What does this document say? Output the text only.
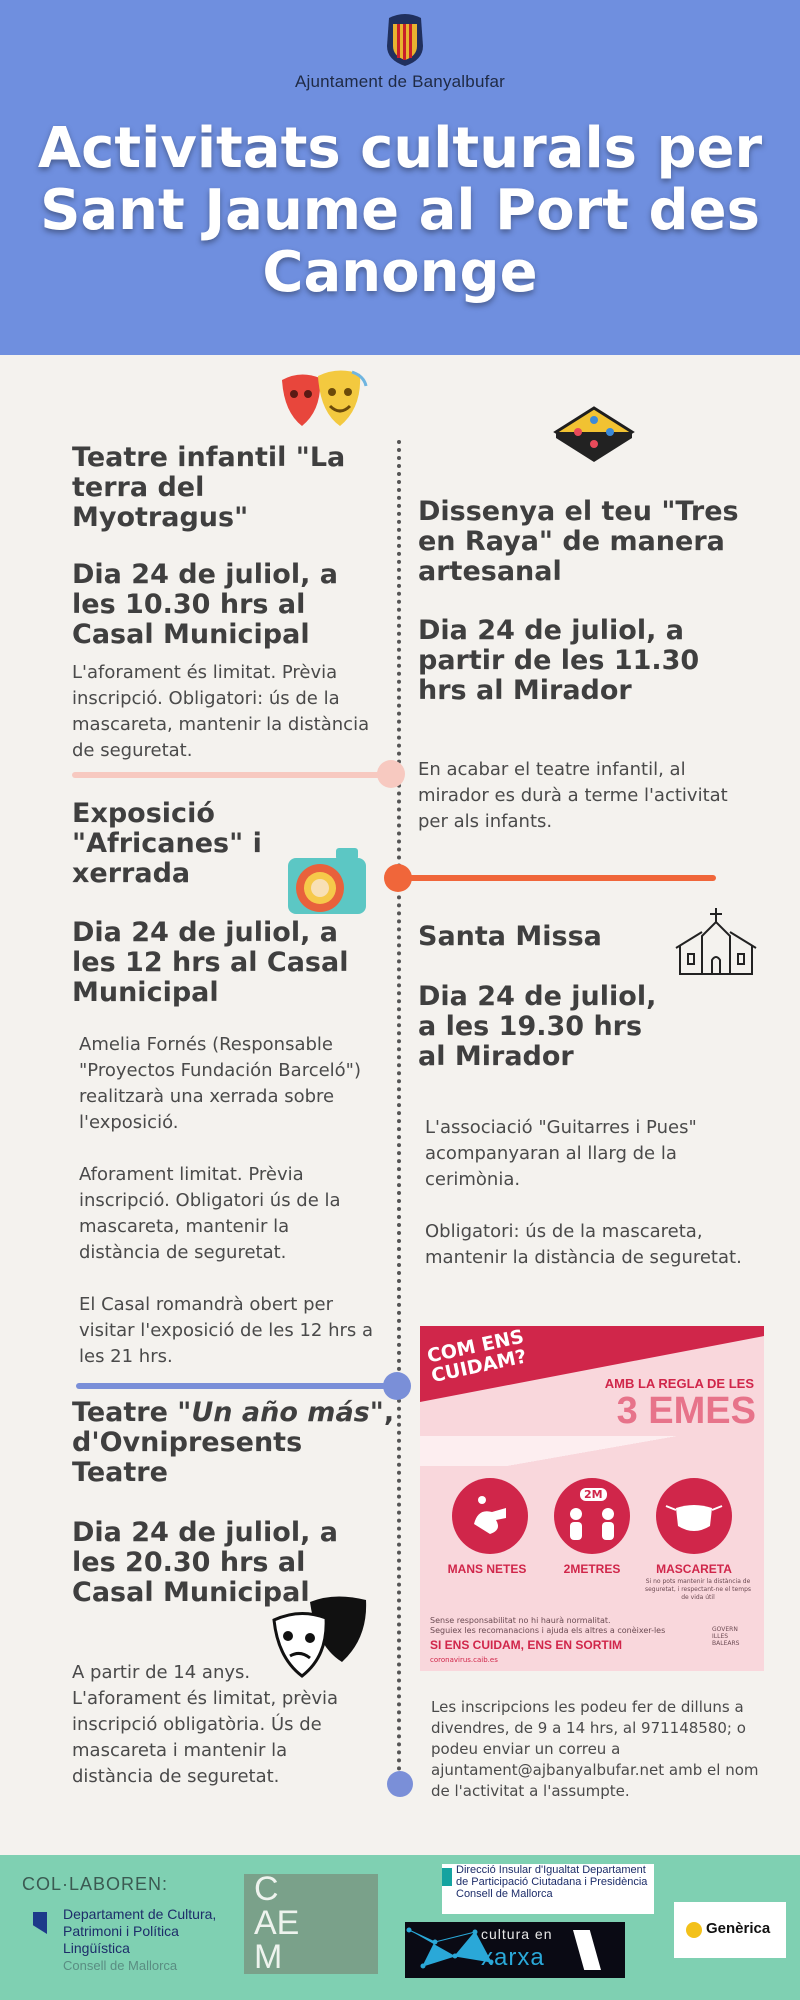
Ajuntament de Banyalbufar
Activitats culturals per Sant Jaume al Port des Canonge
Teatre infantil "La terra del Myotragus"
Dia 24 de juliol, a les 10.30 hrs al Casal Municipal
L'aforament és limitat. Prèvia inscripció. Obligatori: ús de la mascareta, mantenir la distància de seguretat.
Exposició "Africanes" i xerrada
Dia 24 de juliol, a les 12 hrs al Casal Municipal
Amelia Fornés (Responsable "Proyectos Fundación Barceló") realitzarà una xerrada sobre l'exposició.

Aforament limitat. Prèvia inscripció. Obligatori ús de la mascareta, mantenir la distància de seguretat.

El Casal romandrà obert per visitar l'exposició de les 12 hrs a les 21 hrs.
Teatre "Un año más", d'Ovnipresents Teatre
Dia 24 de juliol, a les 20.30 hrs al Casal Municipal
A partir de 14 anys. L'aforament és limitat, prèvia inscripció obligatòria. Ús de mascareta i mantenir la distància de seguretat.
Dissenya el teu "Tres en Raya" de manera artesanal
Dia 24 de juliol, a partir de les 11.30 hrs al Mirador
En acabar el teatre infantil, al mirador es durà a terme l'activitat per als infants.
Santa Missa
Dia 24 de juliol, a les 19.30 hrs al Mirador
L'associació "Guitarres i Pues" acompanyaran al llarg de la cerimònia.

Obligatori: ús de la mascareta, mantenir la distància de seguretat.
COM ENS CUIDAM?	AMB LA REGLA DE LES
3 EMES
2M
MANS NETES	2METRES	MASCARETA
Si no pots mantenir la distància de seguretat, i respectant-ne el temps de vida útil
Sense responsabilitat no hi haurà normalitat.
Seguiex les recomanacions i ajuda els altres a conèixer-les
SI ENS CUIDAM, ENS EN SORTIM
coronavirus.caib.es
GOVERN ILLES BALEARS
Les inscripcions les podeu fer de dilluns a divendres, de 9 a 14 hrs, al 971148580; o podeu enviar un correu a ajuntament@ajbanyalbufar.net amb el nom de l'activitat a l'assumpte.
COL·LABOREN:
Departament de Cultura, Patrimoni i Política Lingüística
Consell de Mallorca
C
AE
M
Direcció Insular d'Igualtat Departament de Participació Ciutadana i Presidència Consell de Mallorca
cultura en
xarxa
Genèrica
